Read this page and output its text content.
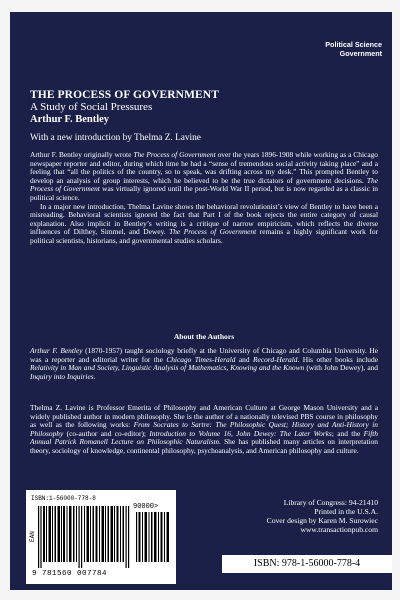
Political Science
Government
THE PROCESS OF GOVERNMENT
A Study of Social Pressures
Arthur F. Bentley
With a new introduction by Thelma Z. Lavine

Arthur F. Bentley originally wrote The Process of Government over the years 1896-1908 while working as a Chicago newspaper reporter and editor, during which time he had a “sense of tremendous social activity taking place” and a feeling that “all the politics of the country, so to speak, was drifting across my desk.” This prompted Bentley to develop an analysis of group interests, which he believed to be the true dictators of government decisions. The Process of Government was virtually ignored until the post-World War II period, but is now regarded as a classic in political science.

In a major new introduction, Thelma Lavine shows the behavioral revolutionist’s view of Bentley to have been a misreading. Behavioral scientists ignored the fact that Part I of the book rejects the entire category of causal explanation. Also implicit in Bentley’s writing is a critique of narrow empiricism, which reflects the diverse influences of Dilthey, Simmel, and Dewey. The Process of Government remains a highly significant work for political scientists, historians, and governmental studies scholars.

About the Authors

Arthur F. Bentley (1870-1957) taught sociology briefly at the University of Chicago and Columbia University. He was a reporter and editorial writer for the Chicago Times-Herald and Record-Herald. His other books include Relativity in Man and Society, Linguistic Analysis of Mathematics, Knowing and the Known (with John Dewey), and Inquiry into Inquiries.

Thelma Z. Lavine is Professor Emerita of Philosophy and American Culture at George Mason University and a widely published author in modern philosophy. She is the author of a nationally televised PBS course in philosophy as well as the following works: From Socrates to Sartre: The Philosophic Quest; History and Anti-History in Philosophy (co-author and co-editor); Introduction to Volume 16, John Dewey: The Later Works; and the Fifth Annual Patrick Romanell Lecture on Philosophic Naturalism. She has published many articles on interpretation theory, sociology of knowledge, continental philosophy, psychoanalysis, and American philosophy and culture.

ISBN:1-56000-778-8
EAN
90000>
9 781560 007784
Library of Congress: 94-21410
Printed in the U.S.A.
Cover design by Karen M. Surowiec
www.transactionpub.com
ISBN: 978-1-56000-778-4
